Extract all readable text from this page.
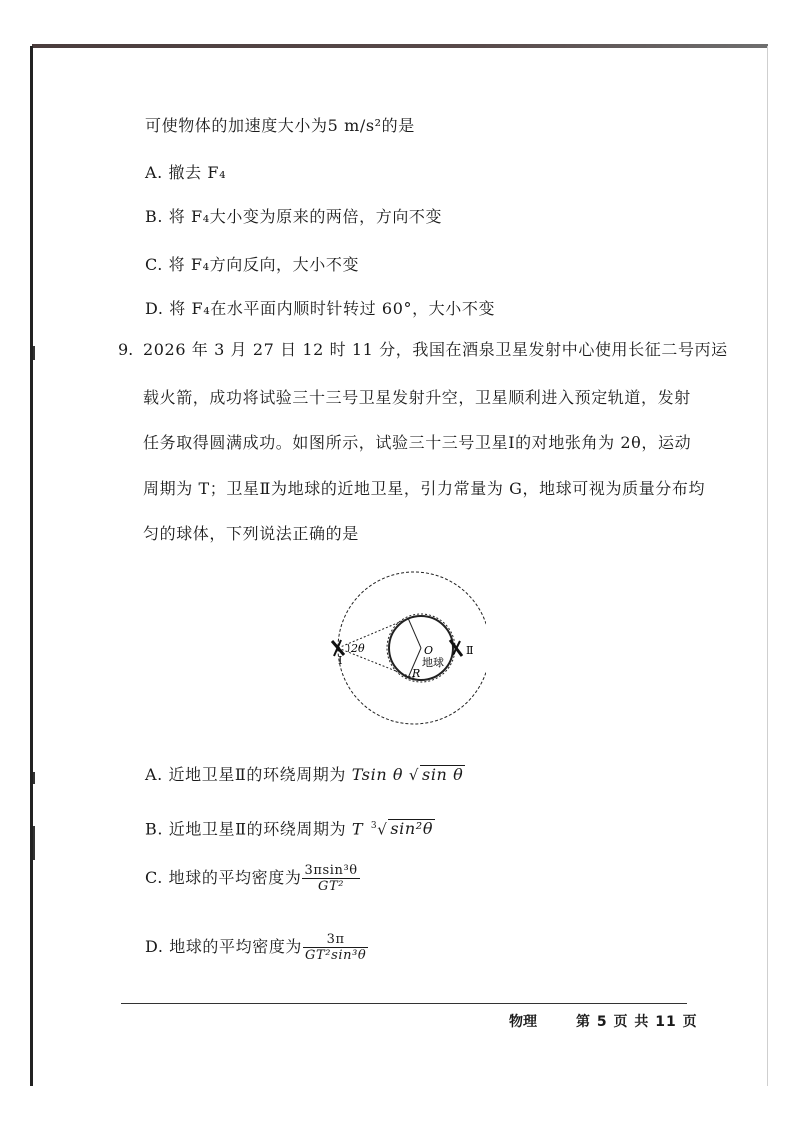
可使物体的加速度大小为5 m/s²的是
A. 撤去 F₄
B. 将 F₄大小变为原来的两倍，方向不变
C. 将 F₄方向反向，大小不变
D. 将 F₄在水平面内顺时针转过 60°，大小不变
9. 2026 年 3 月 27 日 12 时 11 分，我国在酒泉卫星发射中心使用长征二号丙运
载火箭，成功将试验三十三号卫星发射升空，卫星顺利进入预定轨道，发射
任务取得圆满成功。如图所示，试验三十三号卫星Ⅰ的对地张角为 2θ，运动
周期为 T；卫星Ⅱ为地球的近地卫星，引力常量为 G，地球可视为质量分布均
匀的球体，下列说法正确的是
2θ
Ⅰ
Ⅱ
O
地球
R
A. 近地卫星Ⅱ的环绕周期为 Tsin θ √ sin θ
B. 近地卫星Ⅱ的环绕周期为 T $^3$√ sin²θ
C. 地球的平均密度为 $\frac{\text{3πsin³θ}}{\text{GT²}}$
D. 地球的平均密度为 $\frac{3\pi}{\text{GT²sin³θ}}$
物理	第 5 页 共 11 页
